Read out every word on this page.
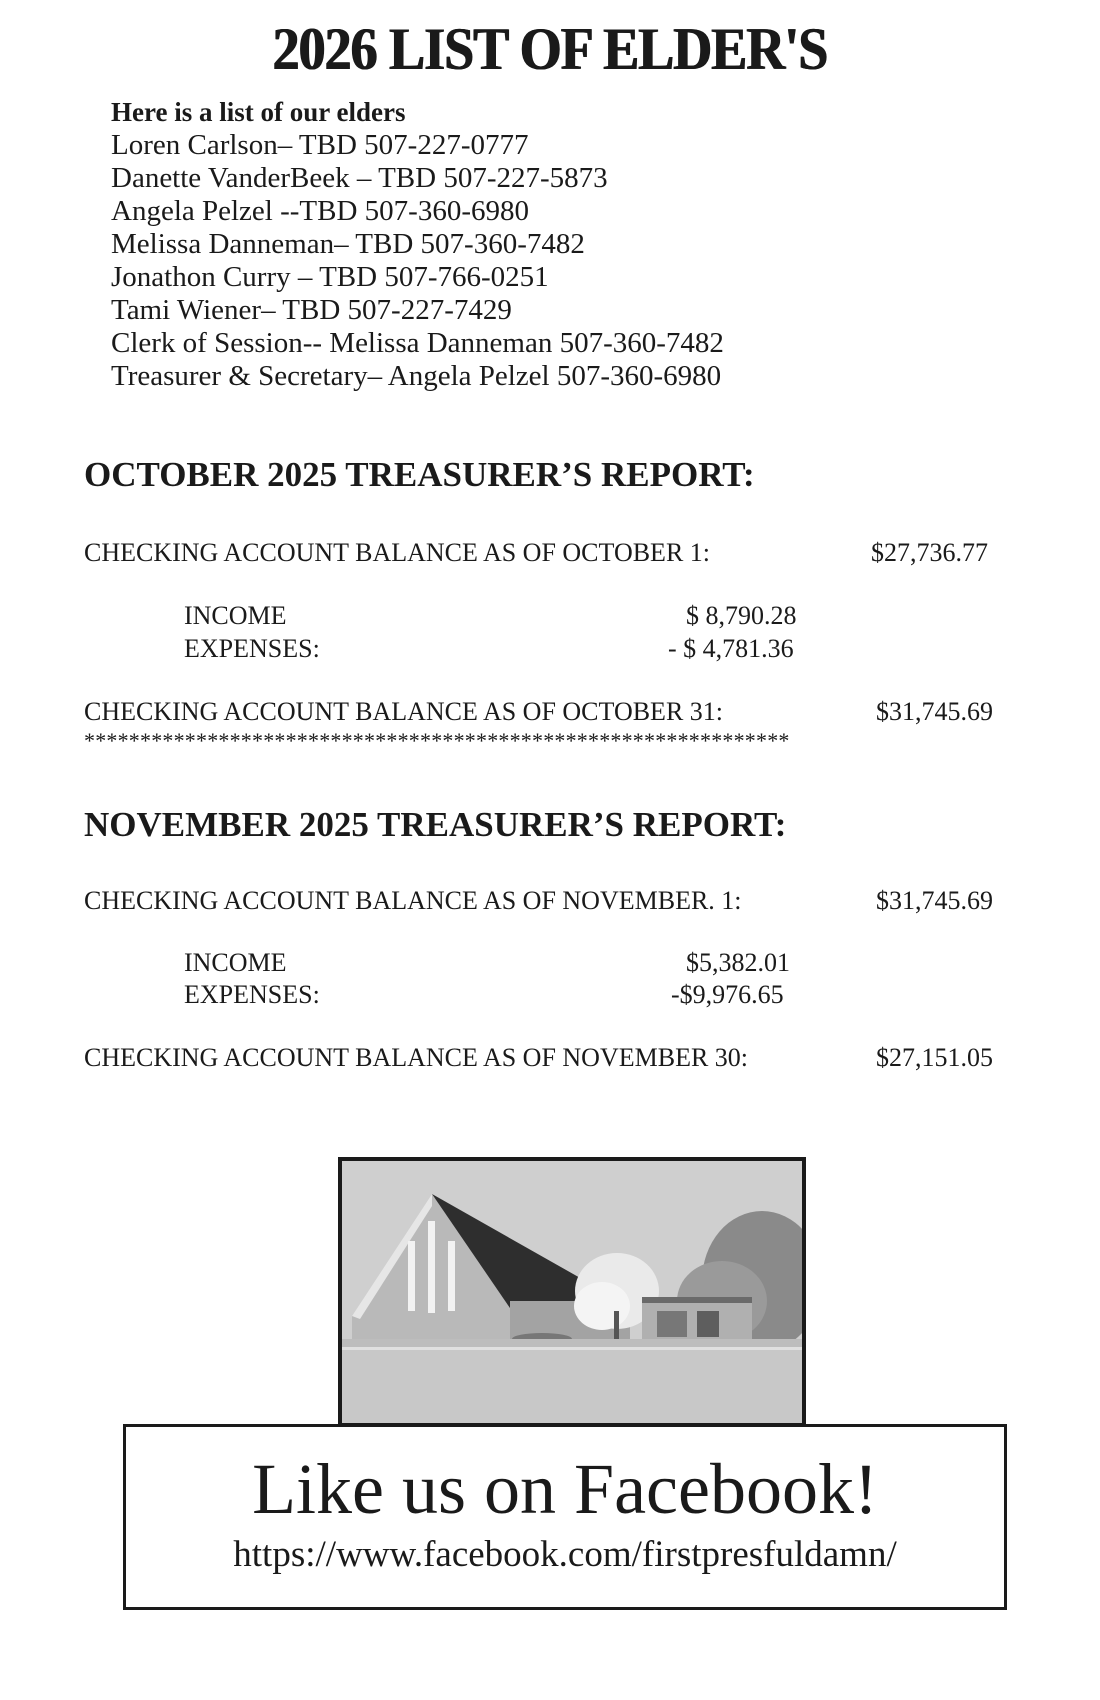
2026 LIST OF ELDER'S
Here is a list of our elders
Loren Carlson– TBD 507-227-0777
Danette VanderBeek – TBD 507-227-5873
Angela Pelzel --TBD 507-360-6980
Melissa Danneman– TBD 507-360-7482
Jonathon Curry – TBD 507-766-0251
Tami Wiener– TBD 507-227-7429
Clerk of Session-- Melissa Danneman 507-360-7482
Treasurer & Secretary– Angela Pelzel 507-360-6980
OCTOBER 2025 TREASURER’S REPORT:
CHECKING ACCOUNT BALANCE AS OF OCTOBER 1:	$27,736.77
INCOME	$ 8,790.28
EXPENSES:	- $ 4,781.36
CHECKING ACCOUNT BALANCE AS OF OCTOBER 31:	$31,745.69
***************************************************************
NOVEMBER 2025 TREASURER’S REPORT:
CHECKING ACCOUNT BALANCE AS OF NOVEMBER. 1:	$31,745.69
INCOME	$5,382.01
EXPENSES:	-$9,976.65
CHECKING ACCOUNT BALANCE AS OF NOVEMBER 30:	$27,151.05
Like us on Facebook!
https://www.facebook.com/firstpresfuldamn/
